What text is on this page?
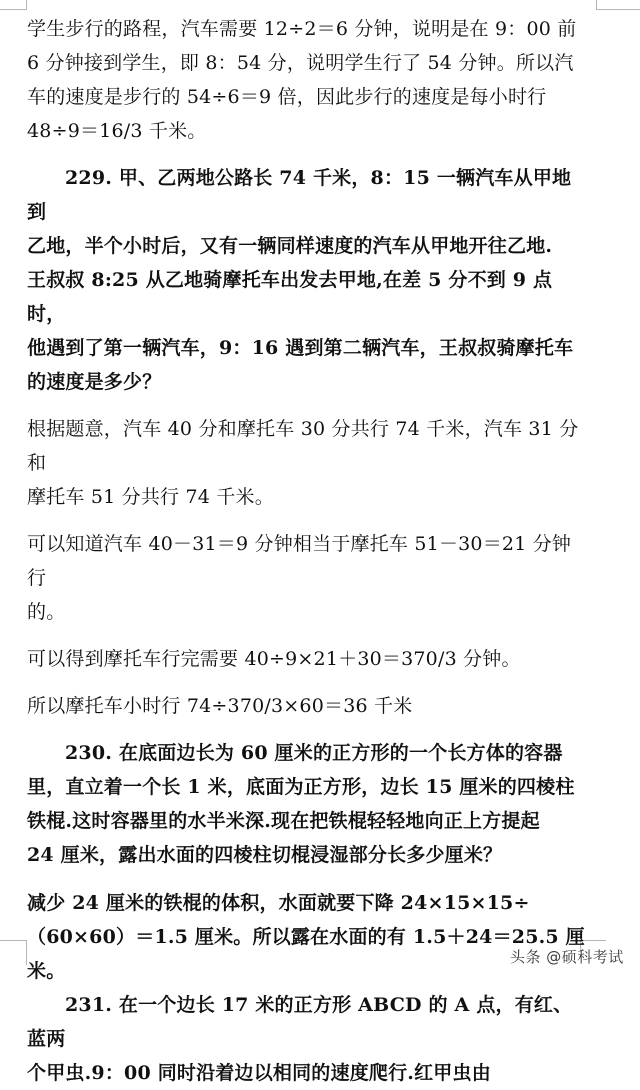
学生步行的路程，汽车需要 12÷2＝6 分钟，说明是在 9：00 前
6 分钟接到学生，即 8：54 分，说明学生行了 54 分钟。所以汽
车的速度是步行的 54÷6＝9 倍，因此步行的速度是每小时行
48÷9＝16/3 千米。

229. 甲、乙两地公路长 74 千米，8：15 一辆汽车从甲地到
乙地，半个小时后，又有一辆同样速度的汽车从甲地开往乙地.
王叔叔 8:25 从乙地骑摩托车出发去甲地,在差 5 分不到 9 点时，
他遇到了第一辆汽车，9：16 遇到第二辆汽车，王叔叔骑摩托车
的速度是多少？

根据题意，汽车 40 分和摩托车 30 分共行 74 千米，汽车 31 分和
摩托车 51 分共行 74 千米。

可以知道汽车 40－31＝9 分钟相当于摩托车 51－30＝21 分钟行
的。

可以得到摩托车行完需要 40÷9×21＋30＝370/3 分钟。

所以摩托车小时行 74÷370/3×60＝36 千米

230. 在底面边长为 60 厘米的正方形的一个长方体的容器
里，直立着一个长 1 米，底面为正方形，边长 15 厘米的四棱柱
铁棍.这时容器里的水半米深.现在把铁棍轻轻地向正上方提起
24 厘米，露出水面的四棱柱切棍浸湿部分长多少厘米？

减少 24 厘米的铁棍的体积，水面就要下降 24×15×15÷
（60×60）＝1.5 厘米。所以露在水面的有 1.5＋24＝25.5 厘米。

231. 在一个边长 17 米的正方形 ABCD 的 A 点，有红、蓝两
个甲虫.9：00 同时沿着边以相同的速度爬行.红甲虫由

头条 @硕科考试
